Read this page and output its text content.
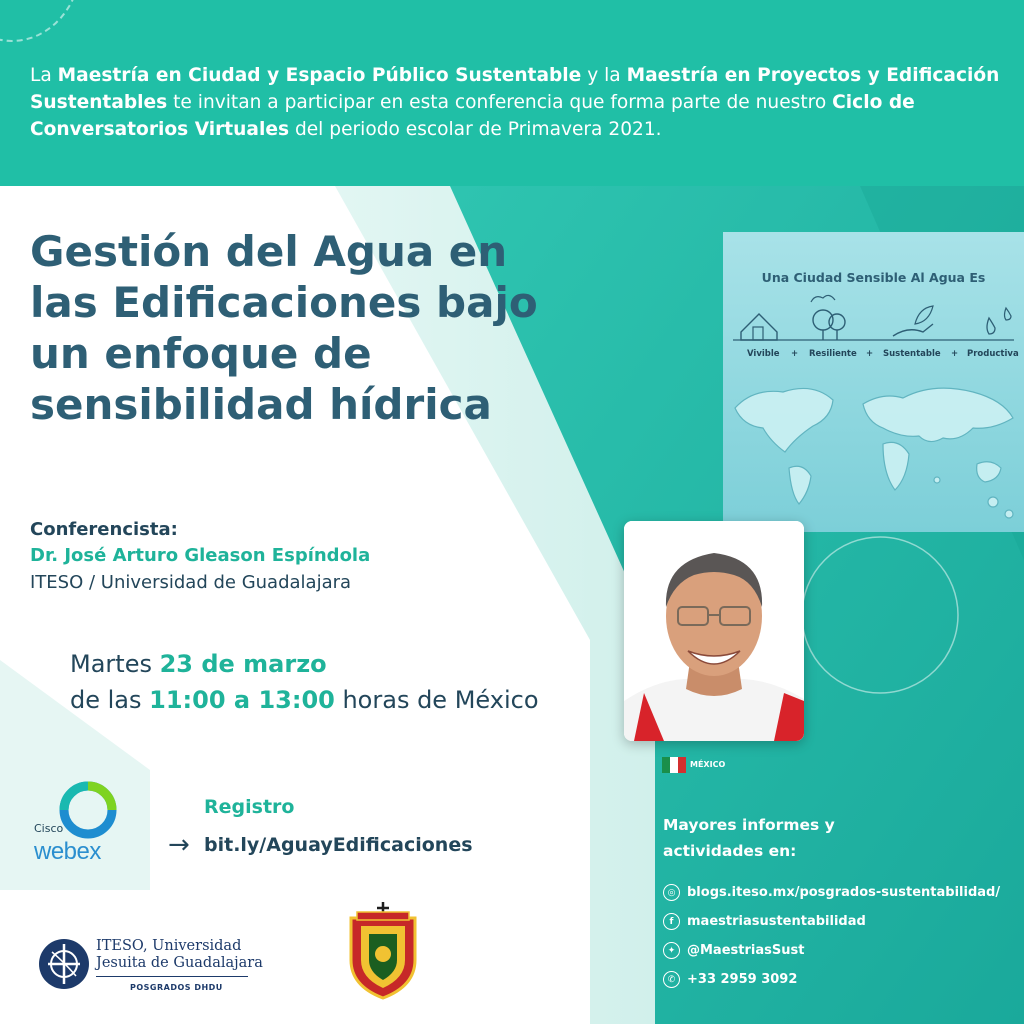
La Maestría en Ciudad y Espacio Público Sustentable y la Maestría en Proyectos y Edificación Sustentables te invitan a participar en esta conferencia que forma parte de nuestro Ciclo de Conversatorios Virtuales del periodo escolar de Primavera 2021.

Gestión del Agua en
las Edificaciones bajo
un enfoque de
sensibilidad hídrica
Conferencista:
Dr. José Arturo Gleason Espíndola
ITESO / Universidad de Guadalajara
Martes 23 de marzo
de las 11:00 a 13:00 horas de México
Cisco
webex
Registro
→ bit.ly/AguayEdificaciones
Una Ciudad Sensible Al Agua Es
Vivible + Resiliente + Sustentable + Productiva
MÉXICO
Mayores informes y
actividades en:
◎ blogs.iteso.mx/posgrados-sustentabilidad/
f	maestriasustentabilidad
✦ @MaestriasSust
✆ +33 2959 3092
ITESO, Universidad
Jesuita de Guadalajara
POSGRADOS DHDU
